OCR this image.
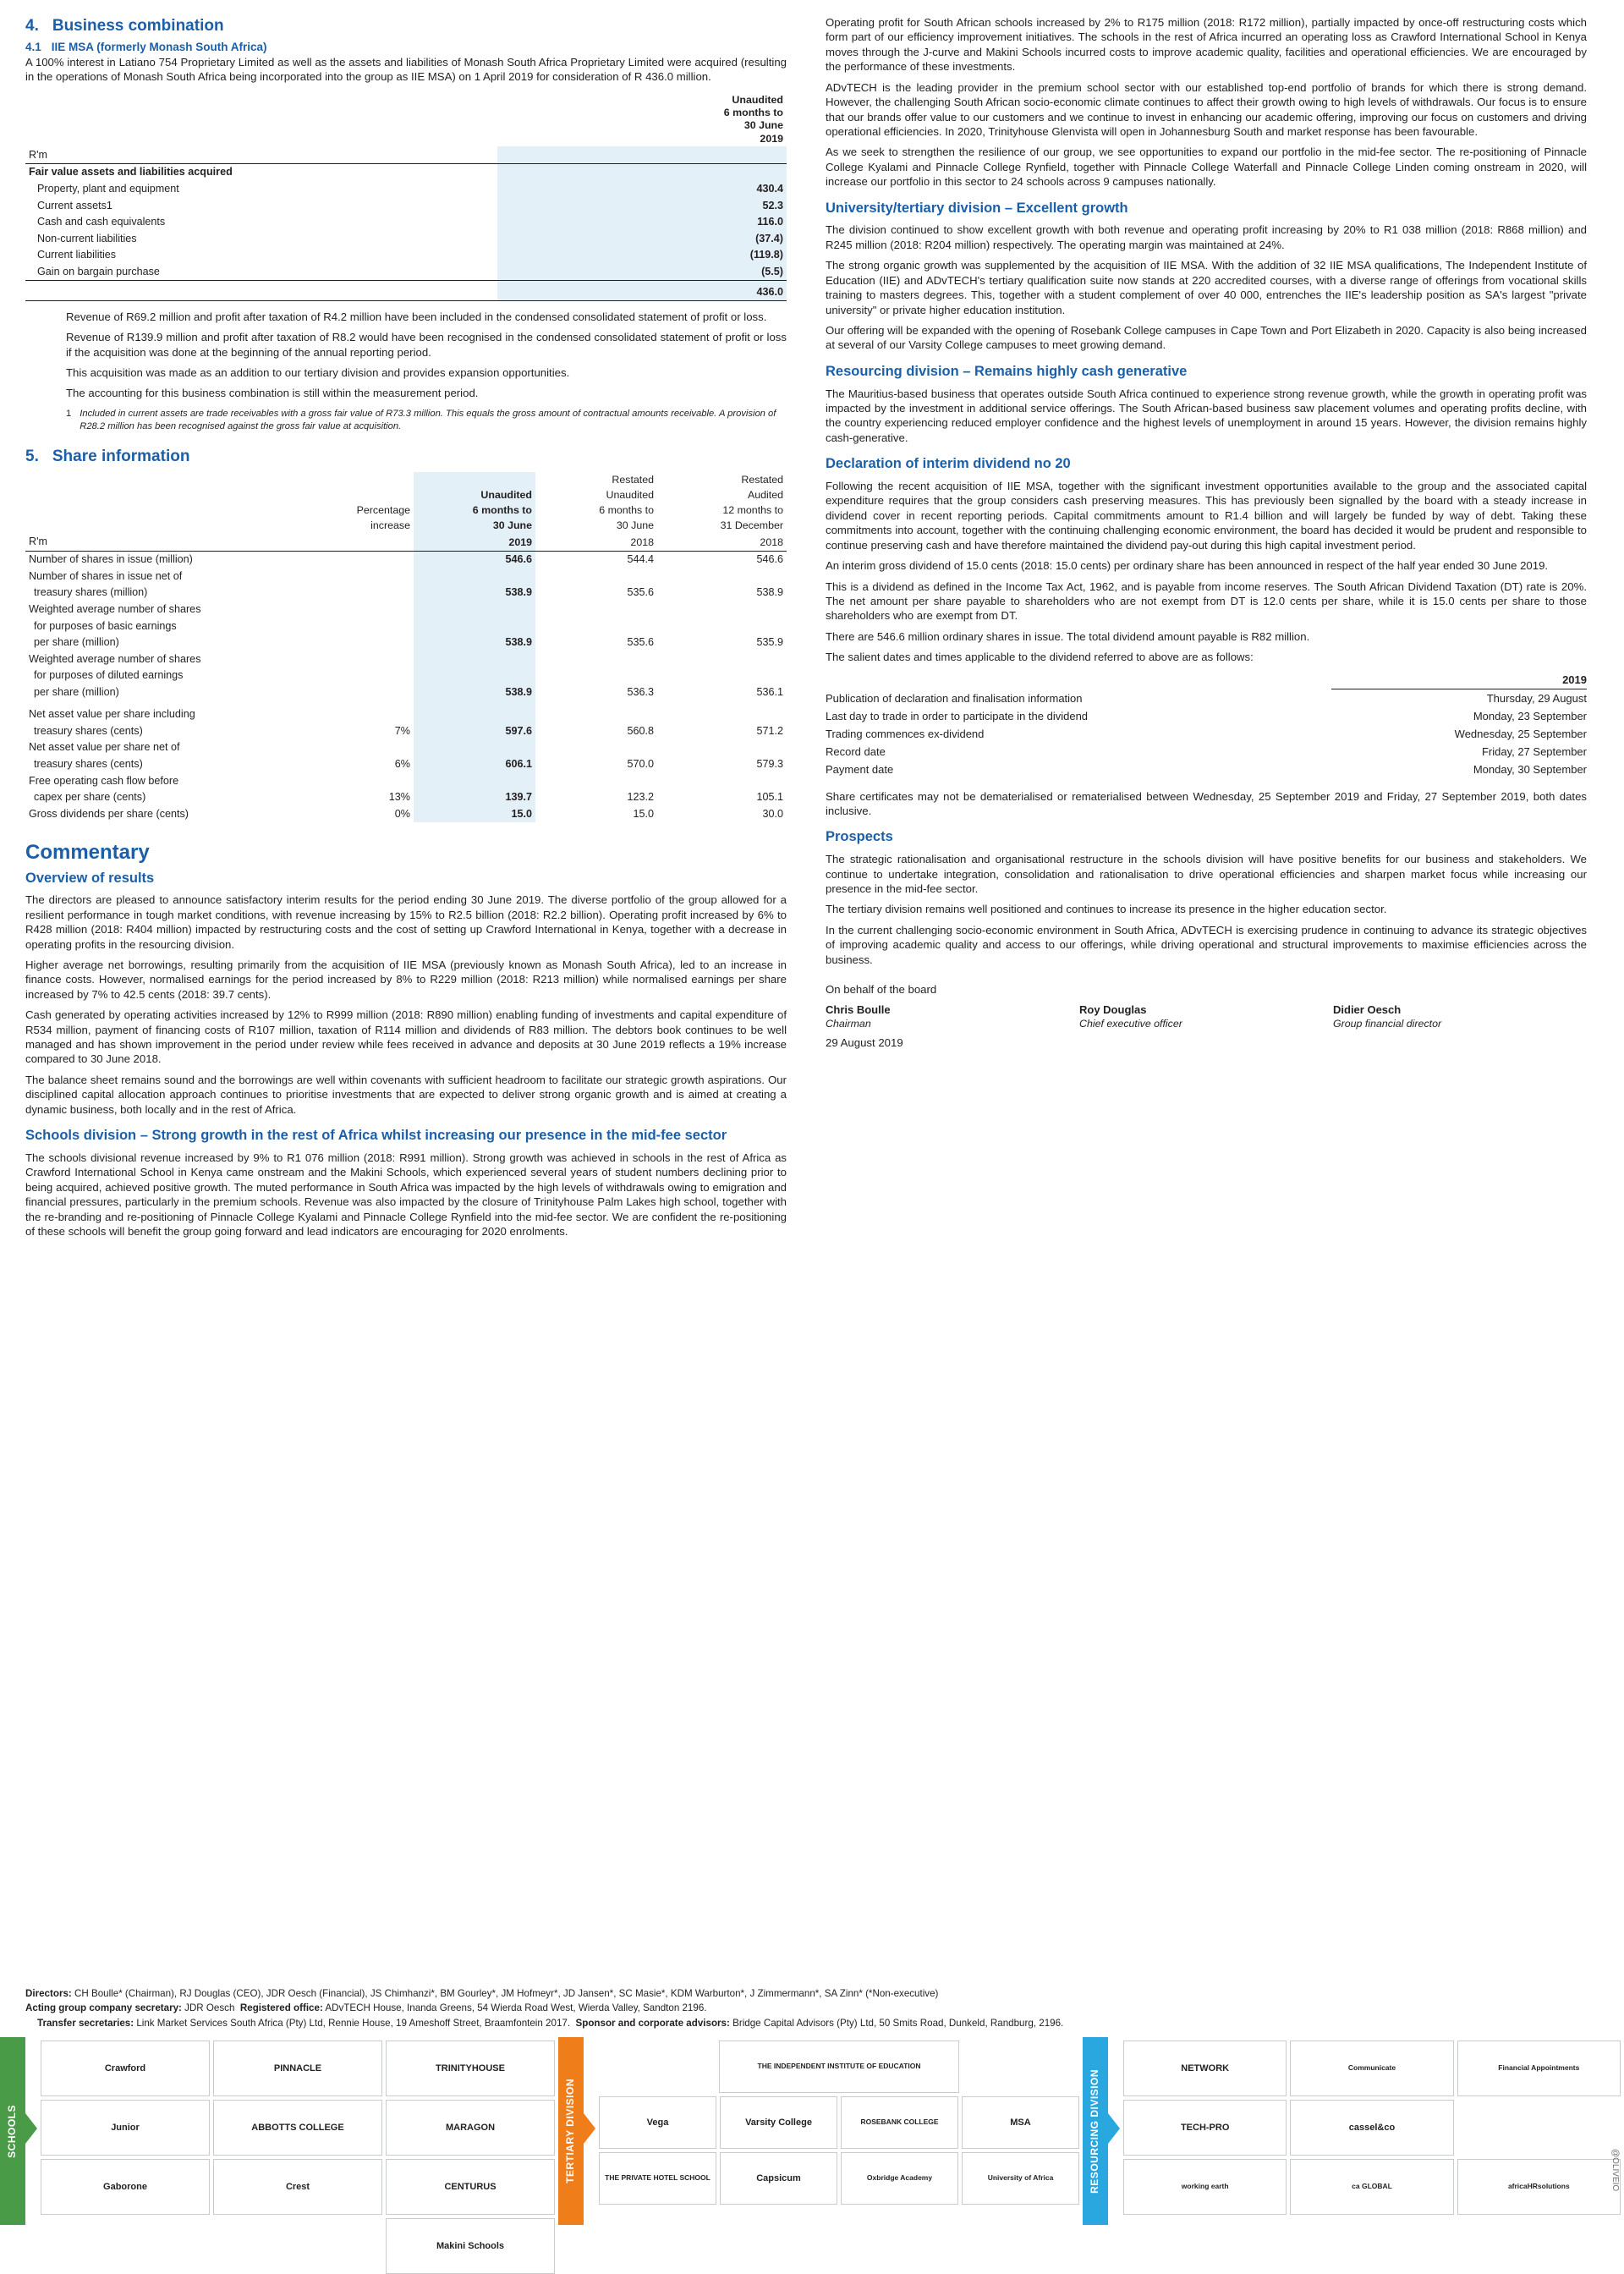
4. Business combination
4.1 IIE MSA (formerly Monash South Africa)

A 100% interest in Latiano 754 Proprietary Limited as well as the assets and liabilities of Monash South Africa Proprietary Limited were acquired (resulting in the operations of Monash South Africa being incorporated into the group as IIE MSA) on 1 April 2019 for consideration of R 436.0 million.

	Unaudited
6 months to
30 June
2019
R'm	
Fair value assets and liabilities acquired	
Property, plant and equipment	430.4
Current assets1	52.3
Cash and cash equivalents	116.0
Non-current liabilities	(37.4)
Current liabilities	(119.8)
Gain on bargain purchase	(5.5)

	436.0

Revenue of R69.2 million and profit after taxation of R4.2 million have been included in the condensed consolidated statement of profit or loss.

Revenue of R139.9 million and profit after taxation of R8.2 would have been recognised in the condensed consolidated statement of profit or loss if the acquisition was done at the beginning of the annual reporting period.

This acquisition was made as an addition to our tertiary division and provides expansion opportunities.

The accounting for this business combination is still within the measurement period.

1 Included in current assets are trade receivables with a gross fair value of R73.3 million. This equals the gross amount of contractual amounts receivable. A provision of R28.2 million has been recognised against the gross fair value at acquisition.
5. Share information
			Restated	Restated
		Unaudited	Unaudited	Audited
	Percentage	6 months to	6 months to	12 months to
	increase	30 June	30 June	31 December
R'm		2019	2018	2018
Number of shares in issue (million)		546.6	544.4	546.6
Number of shares in issue net of				
treasury shares (million)		538.9	535.6	538.9
Weighted average number of shares				
for purposes of basic earnings				
per share (million)		538.9	535.6	535.9
Weighted average number of shares				
for purposes of diluted earnings				
per share (million)		538.9	536.3	536.1
Net asset value per share including				
treasury shares (cents)	7%	597.6	560.8	571.2
Net asset value per share net of				
treasury shares (cents)	6%	606.1	570.0	579.3
Free operating cash flow before				
capex per share (cents)	13%	139.7	123.2	105.1
Gross dividends per share (cents)	0%	15.0	15.0	30.0
Commentary
Overview of results

The directors are pleased to announce satisfactory interim results for the period ending 30 June 2019. The diverse portfolio of the group allowed for a resilient performance in tough market conditions, with revenue increasing by 15% to R2.5 billion (2018: R2.2 billion). Operating profit increased by 6% to R428 million (2018: R404 million) impacted by restructuring costs and the cost of setting up Crawford International in Kenya, together with a decrease in operating profits in the resourcing division.

Higher average net borrowings, resulting primarily from the acquisition of IIE MSA (previously known as Monash South Africa), led to an increase in finance costs. However, normalised earnings for the period increased by 8% to R229 million (2018: R213 million) while normalised earnings per share increased by 7% to 42.5 cents (2018: 39.7 cents).

Cash generated by operating activities increased by 12% to R999 million (2018: R890 million) enabling funding of investments and capital expenditure of R534 million, payment of financing costs of R107 million, taxation of R114 million and dividends of R83 million. The debtors book continues to be well managed and has shown improvement in the period under review while fees received in advance and deposits at 30 June 2019 reflects a 19% increase compared to 30 June 2018.

The balance sheet remains sound and the borrowings are well within covenants with sufficient headroom to facilitate our strategic growth aspirations. Our disciplined capital allocation approach continues to prioritise investments that are expected to deliver strong organic growth and is aimed at creating a dynamic business, both locally and in the rest of Africa.

Schools division – Strong growth in the rest of Africa whilst increasing our presence in the mid-fee sector

The schools divisional revenue increased by 9% to R1 076 million (2018: R991 million). Strong growth was achieved in schools in the rest of Africa as Crawford International School in Kenya came onstream and the Makini Schools, which experienced several years of student numbers declining prior to being acquired, achieved positive growth. The muted performance in South Africa was impacted by the high levels of withdrawals owing to emigration and financial pressures, particularly in the premium schools. Revenue was also impacted by the closure of Trinityhouse Palm Lakes high school, together with the re-branding and re-positioning of Pinnacle College Kyalami and Pinnacle College Rynfield into the mid-fee sector. We are confident the re-positioning of these schools will benefit the group going forward and lead indicators are encouraging for 2020 enrolments.

Operating profit for South African schools increased by 2% to R175 million (2018: R172 million), partially impacted by once-off restructuring costs which form part of our efficiency improvement initiatives. The schools in the rest of Africa incurred an operating loss as Crawford International School in Kenya moves through the J-curve and Makini Schools incurred costs to improve academic quality, facilities and operational efficiencies. We are encouraged by the performance of these investments.

ADvTECH is the leading provider in the premium school sector with our established top-end portfolio of brands for which there is strong demand. However, the challenging South African socio-economic climate continues to affect their growth owing to high levels of withdrawals. Our focus is to ensure that our brands offer value to our customers and we continue to invest in enhancing our academic offering, improving our focus on customers and driving operational efficiencies. In 2020, Trinityhouse Glenvista will open in Johannesburg South and market response has been favourable.

As we seek to strengthen the resilience of our group, we see opportunities to expand our portfolio in the mid-fee sector. The re-positioning of Pinnacle College Kyalami and Pinnacle College Rynfield, together with Pinnacle College Waterfall and Pinnacle College Linden coming onstream in 2020, will increase our portfolio in this sector to 24 schools across 9 campuses nationally.

University/tertiary division – Excellent growth

The division continued to show excellent growth with both revenue and operating profit increasing by 20% to R1 038 million (2018: R868 million) and R245 million (2018: R204 million) respectively. The operating margin was maintained at 24%.

The strong organic growth was supplemented by the acquisition of IIE MSA. With the addition of 32 IIE MSA qualifications, The Independent Institute of Education (IIE) and ADvTECH's tertiary qualification suite now stands at 220 accredited courses, with a diverse range of offerings from vocational skills training to masters degrees. This, together with a student complement of over 40 000, entrenches the IIE's leadership position as SA's largest "private university" or private higher education institution.

Our offering will be expanded with the opening of Rosebank College campuses in Cape Town and Port Elizabeth in 2020. Capacity is also being increased at several of our Varsity College campuses to meet growing demand.

Resourcing division – Remains highly cash generative

The Mauritius-based business that operates outside South Africa continued to experience strong revenue growth, while the growth in operating profit was impacted by the investment in additional service offerings. The South African-based business saw placement volumes and operating profits decline, with the country experiencing reduced employer confidence and the highest levels of unemployment in around 15 years. However, the division remains highly cash-generative.

Declaration of interim dividend no 20

Following the recent acquisition of IIE MSA, together with the significant investment opportunities available to the group and the associated capital expenditure requires that the group considers cash preserving measures. This has previously been signalled by the board with a steady increase in dividend cover in recent reporting periods. Capital commitments amount to R1.4 billion and will largely be funded by way of debt. Taking these commitments into account, together with the continuing challenging economic environment, the board has decided it would be prudent and responsible to continue preserving cash and have therefore maintained the dividend pay-out during this high capital investment period.

An interim gross dividend of 15.0 cents (2018: 15.0 cents) per ordinary share has been announced in respect of the half year ended 30 June 2019.

This is a dividend as defined in the Income Tax Act, 1962, and is payable from income reserves. The South African Dividend Taxation (DT) rate is 20%. The net amount per share payable to shareholders who are not exempt from DT is 12.0 cents per share, while it is 15.0 cents per share to those shareholders who are exempt from DT.

There are 546.6 million ordinary shares in issue. The total dividend amount payable is R82 million.

The salient dates and times applicable to the dividend referred to above are as follows:

	2019
Publication of declaration and finalisation information	Thursday, 29 August
Last day to trade in order to participate in the dividend	Monday, 23 September
Trading commences ex-dividend	Wednesday, 25 September
Record date	Friday, 27 September
Payment date	Monday, 30 September

Share certificates may not be dematerialised or rematerialised between Wednesday, 25 September 2019 and Friday, 27 September 2019, both dates inclusive.

Prospects

The strategic rationalisation and organisational restructure in the schools division will have positive benefits for our business and stakeholders. We continue to undertake integration, consolidation and rationalisation to drive operational efficiencies and sharpen market focus while increasing our presence in the mid-fee sector.

The tertiary division remains well positioned and continues to increase its presence in the higher education sector.

In the current challenging socio-economic environment in South Africa, ADvTECH is exercising prudence in continuing to advance its strategic objectives of improving academic quality and access to our offerings, while driving operational and structural improvements to maximise efficiencies across the business.

On behalf of the board
Chris Boulle
Chairman
Roy Douglas
Chief executive officer
Didier Oesch
Group financial director
29 August 2019
Directors: CH Boulle* (Chairman), RJ Douglas (CEO), JDR Oesch (Financial), JS Chimhanzi*, BM Gourley*, JM Hofmeyr*, JD Jansen*, SC Masie*, KDM Warburton*, J Zimmermann*, SA Zinn* (*Non-executive)
Acting group company secretary: JDR Oesch Registered office: ADvTECH House, Inanda Greens, 54 Wierda Road West, Wierda Valley, Sandton 2196.
Transfer secretaries: Link Market Services South Africa (Pty) Ltd, Rennie House, 19 Ameshoff Street, Braamfontein 2017. Sponsor and corporate advisors: Bridge Capital Advisors (Pty) Ltd, 50 Smits Road, Dunkeld, Randburg, 2196.
SCHOOLS
Crawford	PINNACLE	TRINITYHOUSE
Junior	ABBOTTS COLLEGE	MARAGON
Gaborone	Crest	CENTURUS
Makini Schools
TERTIARY DIVISION
THE INDEPENDENT INSTITUTE OF EDUCATION
Vega	Varsity College	ROSEBANK COLLEGE	MSA
THE PRIVATE HOTEL SCHOOL	Capsicum	Oxbridge Academy	University of Africa	RESOURCING DIVISION
NETWORK	Communicate	Financial Appointments
TECH-PRO	cassel&co
working earth	ca GLOBAL	africaHRsolutions	@OLIVEIO
